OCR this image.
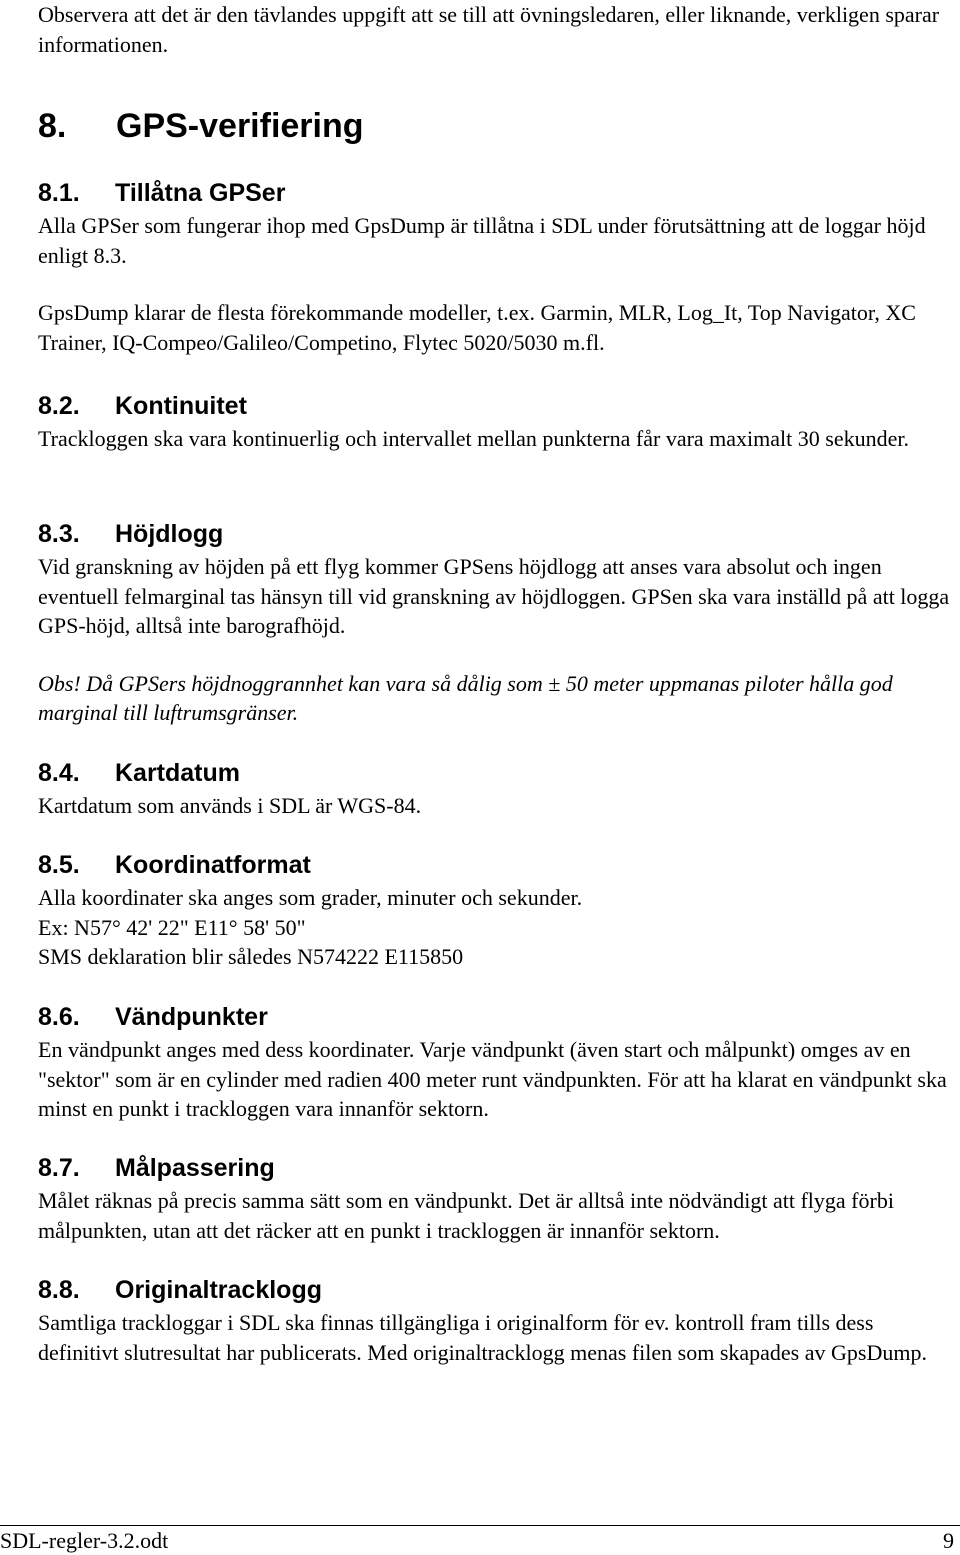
Observera att det är den tävlandes uppgift att se till att övningsledaren, eller liknande, verkligen sparar informationen.

8. GPS-verifiering
8.1. Tillåtna GPSer

Alla GPSer som fungerar ihop med GpsDump är tillåtna i SDL under förutsättning att de loggar höjd enligt 8.3.

GpsDump klarar de flesta förekommande modeller, t.ex. Garmin, MLR, Log_It, Top Navigator, XC Trainer, IQ-Compeo/Galileo/Competino, Flytec 5020/5030 m.fl.

8.2. Kontinuitet

Trackloggen ska vara kontinuerlig och intervallet mellan punkterna får vara maximalt 30 sekunder.

8.3. Höjdlogg

Vid granskning av höjden på ett flyg kommer GPSens höjdlogg att anses vara absolut och ingen eventuell felmarginal tas hänsyn till vid granskning av höjdloggen. GPSen ska vara inställd på att logga GPS-höjd, alltså inte barografhöjd.

Obs! Då GPSers höjdnoggrannhet kan vara så dålig som ± 50 meter uppmanas piloter hålla god marginal till luftrumsgränser.

8.4. Kartdatum

Kartdatum som används i SDL är WGS-84.

8.5. Koordinatformat

Alla koordinater ska anges som grader, minuter och sekunder.

Ex: N57° 42' 22" E11° 58' 50"

SMS deklaration blir således N574222 E115850

8.6. Vändpunkter

En vändpunkt anges med dess koordinater. Varje vändpunkt (även start och målpunkt) omges av en "sektor" som är en cylinder med radien 400 meter runt vändpunkten. För att ha klarat en vändpunkt ska minst en punkt i trackloggen vara innanför sektorn.

8.7. Målpassering

Målet räknas på precis samma sätt som en vändpunkt. Det är alltså inte nödvändigt att flyga förbi målpunkten, utan att det räcker att en punkt i trackloggen är innanför sektorn.

8.8. Originaltracklogg

Samtliga trackloggar i SDL ska finnas tillgängliga i originalform för ev. kontroll fram tills dess definitivt slutresultat har publicerats. Med originaltracklogg menas filen som skapades av GpsDump.

SDL-regler-3.2.odt	9
